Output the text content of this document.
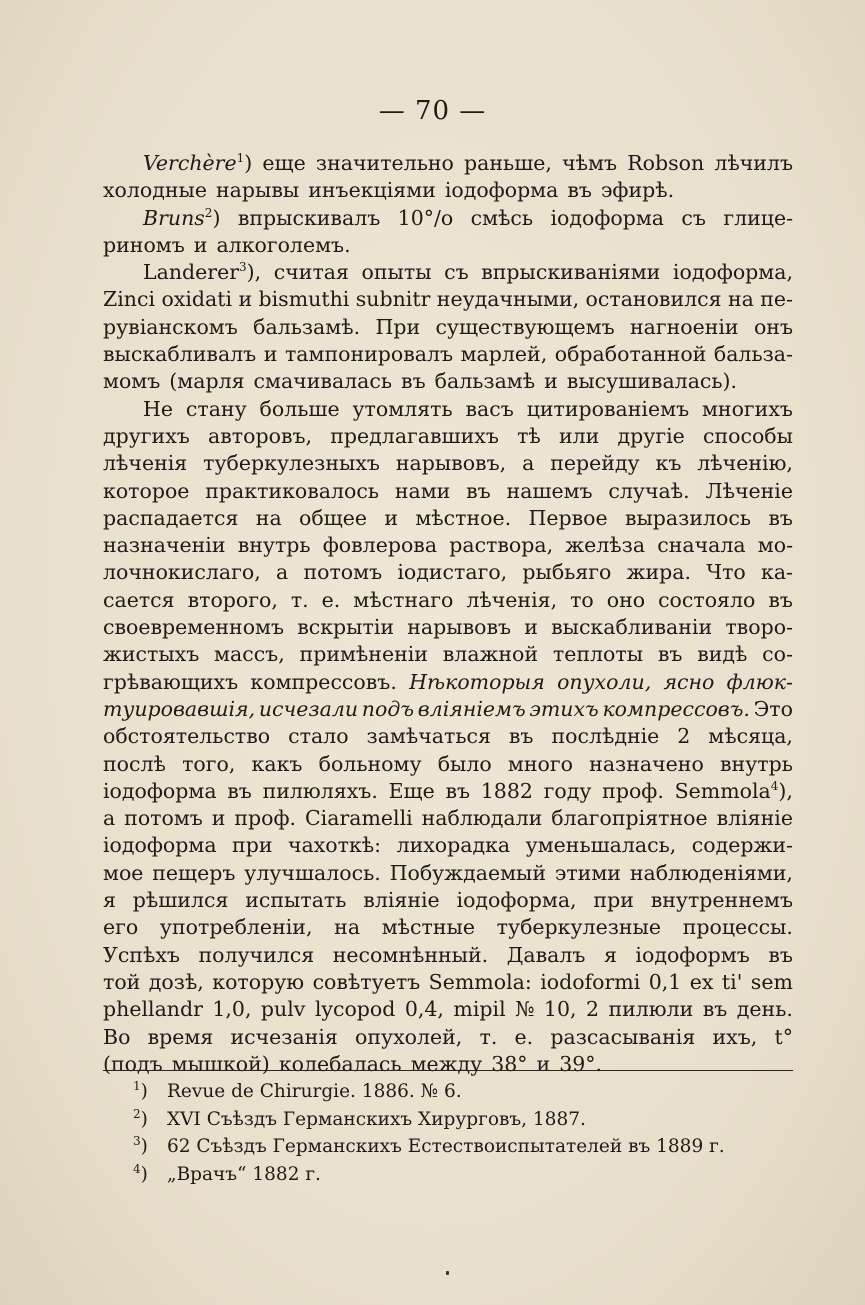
— 70 —
Verchère$^1$) еще значительно раньше, чѣмъ Robson лѣчилъ
холодные нарывы инъекціями іодоформа въ эфирѣ.
Bruns$^2$) впрыскивалъ 10°/о смѣсь іодоформа съ глице-
риномъ и алкоголемъ.
Landerer$^3$), считая опыты съ впрыскиваніями іодоформа,
Zinci oxidati и bismuthi subnitr неудачными, остановился на пе-
рувіанскомъ бальзамѣ. При существующемъ нагноеніи онъ
выскабливалъ и тампонировалъ марлей, обработанной бальза-
момъ (марля смачивалась въ бальзамѣ и высушивалась).
Не стану больше утомлять васъ цитированіемъ многихъ
другихъ авторовъ, предлагавшихъ тѣ или другіе способы
лѣченія туберкулезныхъ нарывовъ, а перейду къ лѣченію,
которое практиковалось нами въ нашемъ случаѣ. Лѣченіе
распадается на общее и мѣстное. Первое выразилось въ
назначеніи внутрь фовлерова раствора, желѣза сначала мо-
лочнокислаго, а потомъ іодистаго, рыбьяго жира. Что ка-
сается второго, т. е. мѣстнаго лѣченія, то оно состояло въ
своевременномъ вскрытіи нарывовъ и выскабливаніи творо-
жистыхъ массъ, примѣненіи влажной теплоты въ видѣ со-
грѣвающихъ компрессовъ. Нѣкоторыя опухоли, ясно флюк-
туировавшія, исчезали подъ вліяніемъ этихъ компрессовъ. Это
обстоятельство стало замѣчаться въ послѣдніе 2 мѣсяца,
послѣ того, какъ больному было много назначено внутрь
іодоформа въ пилюляхъ. Еще въ 1882 году проф. Semmola$^4$),
а потомъ и проф. Ciaramelli наблюдали благопріятное вліяніе
іодоформа при чахоткѣ: лихорадка уменьшалась, содержи-
мое пещеръ улучшалось. Побуждаемый этими наблюденіями,
я рѣшился испытать вліяніе іодоформа, при внутреннемъ
его употребленіи, на мѣстные туберкулезные процессы.
Успѣхъ получился несомнѣнный. Давалъ я іодоформъ въ
той дозѣ, которую совѣтуетъ Semmola: iodoformi 0,1 ex ti' sem
phellandr 1,0, pulv lycopod 0,4, mipil № 10, 2 пилюли въ день.
Во время исчезанія опухолей, т. е. разсасыванія ихъ, t°
(подъ мышкой) колебалась между 38° и 39°.
$^1$) Revue de Chirurgie. 1886. № 6.
$^2$) XVI Съѣздъ Германскихъ Хирурговъ, 1887.
$^3$) 62 Съѣздъ Германскихъ Естествоиспытателей въ 1889 г.
$^4$) „Врачъ“ 1882 г.
